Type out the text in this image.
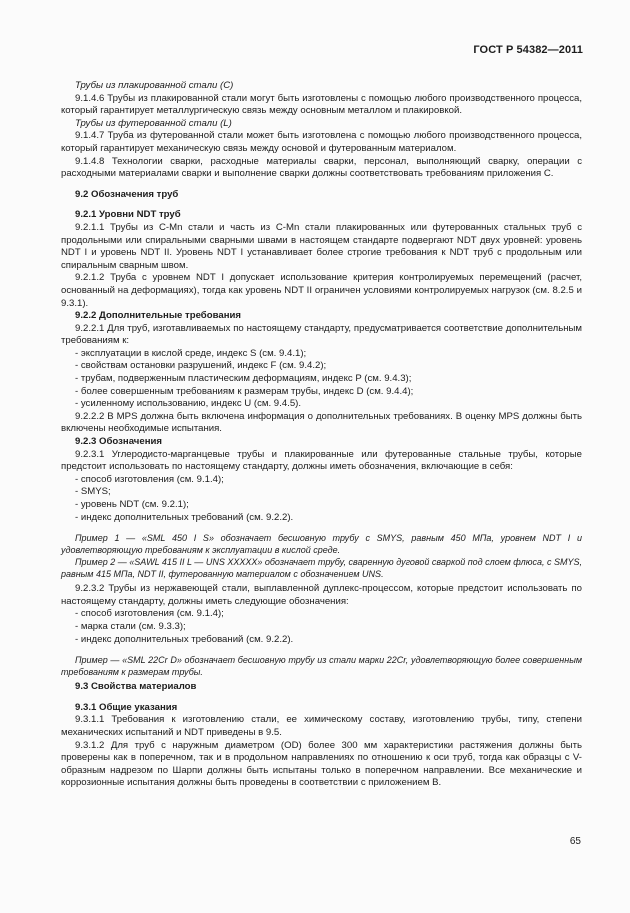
ГОСТ Р 54382—2011

Трубы из плакированной стали (C)

9.1.4.6 Трубы из плакированной стали могут быть изготовлены с помощью любого производственного процесса, который гарантирует металлургическую связь между основным металлом и плакировкой.

Трубы из футерованной стали (L)

9.1.4.7 Труба из футерованной стали может быть изготовлена с помощью любого производственного процесса, который гарантирует механическую связь между основой и футерованным материалом.

9.1.4.8 Технологии сварки, расходные материалы сварки, персонал, выполняющий сварку, операции с расходными материалами сварки и выполнение сварки должны соответствовать требованиям приложения C.

9.2 Обозначения труб

9.2.1 Уровни NDT труб

9.2.1.1 Трубы из C-Mn стали и часть из C-Mn стали плакированных или футерованных стальных труб с продольными или спиральными сварными швами в настоящем стандарте подвергают NDT двух уровней: уровень NDT I и уровень NDT II. Уровень NDT I устанавливает более строгие требования к NDT труб с продольным или спиральным сварным швом.

9.2.1.2 Труба с уровнем NDT I допускает использование критерия контролируемых перемещений (расчет, основанный на деформациях), тогда как уровень NDT II ограничен условиями контролируемых нагрузок (см. 8.2.5 и 9.3.1).

9.2.2 Дополнительные требования

9.2.2.1 Для труб, изготавливаемых по настоящему стандарту, предусматривается соответствие дополнительным требованиям к:

- эксплуатации в кислой среде, индекс S (см. 9.4.1);

- свойствам остановки разрушений, индекс F (см. 9.4.2);

- трубам, подверженным пластическим деформациям, индекс P (см. 9.4.3);

- более совершенным требованиям к размерам трубы, индекс D (см. 9.4.4);

- усиленному использованию, индекс U (см. 9.4.5).

9.2.2.2 В MPS должна быть включена информация о дополнительных требованиях. В оценку MPS должны быть включены необходимые испытания.

9.2.3 Обозначения

9.2.3.1 Углеродисто-марганцевые трубы и плакированные или футерованные стальные трубы, которые предстоит использовать по настоящему стандарту, должны иметь обозначения, включающие в себя:

- способ изготовления (см. 9.1.4);

- SMYS;

- уровень NDT (см. 9.2.1);

- индекс дополнительных требований (см. 9.2.2).

Пример 1 — «SML 450 I S» обозначает бесшовную трубу с SMYS, равным 450 МПа, уровнем NDT I и удовлетворяющую требованиям к эксплуатации в кислой среде.

Пример 2 — «SAWL 415 II L — UNS XXXXX» обозначает трубу, сваренную дуговой сваркой под слоем флюса, с SMYS, равным 415 МПа, NDT II, футерованную материалом с обозначением UNS.

9.2.3.2 Трубы из нержавеющей стали, выплавленной дуплекс-процессом, которые предстоит использовать по настоящему стандарту, должны иметь следующие обозначения:

- способ изготовления (см. 9.1.4);

- марка стали (см. 9.3.3);

- индекс дополнительных требований (см. 9.2.2).

Пример — «SML 22Cr D» обозначает бесшовную трубу из стали марки 22Cr, удовлетворяющую более совершенным требованиям к размерам трубы.

9.3 Свойства материалов

9.3.1 Общие указания

9.3.1.1 Требования к изготовлению стали, ее химическому составу, изготовлению трубы, типу, степени механических испытаний и NDT приведены в 9.5.

9.3.1.2 Для труб с наружным диаметром (OD) более 300 мм характеристики растяжения должны быть проверены как в поперечном, так и в продольном направлениях по отношению к оси труб, тогда как образцы с V-образным надрезом по Шарпи должны быть испытаны только в поперечном направлении. Все механические и коррозионные испытания должны быть проведены в соответствии с приложением B.

65
